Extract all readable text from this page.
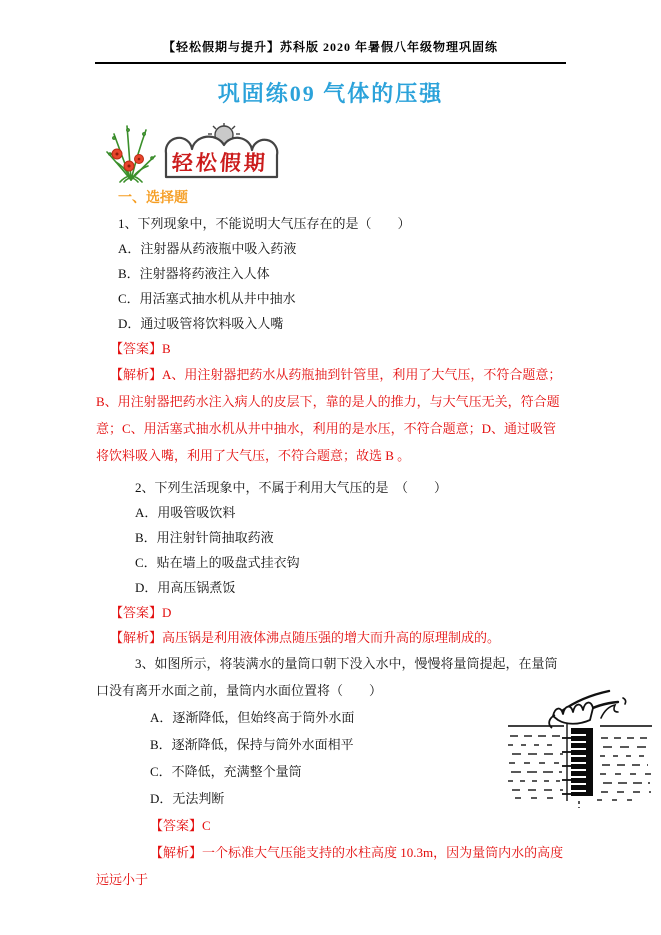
【轻松假期与提升】苏科版 2020 年暑假八年级物理巩固练
巩固练09 气体的压强
轻松假期

一、选择题

1、下列现象中，不能说明大气压存在的是（　　）

A．注射器从药液瓶中吸入药液

B．注射器将药液注入人体

C．用活塞式抽水机从井中抽水

D．通过吸管将饮料吸入人嘴

【答案】B

【解析】A、用注射器把药水从药瓶抽到针管里，利用了大气压，不符合题意；B、用注射器把药水注入病人的皮层下，靠的是人的推力，与大气压无关，符合题意；C、用活塞式抽水机从井中抽水，利用的是水压，不符合题意；D、通过吸管将饮料吸入嘴，利用了大气压，不符合题意；故选 B 。

2、下列生活现象中，不属于利用大气压的是　（　　）

A．用吸管吸饮料

B．用注射针筒抽取药液

C．贴在墙上的吸盘式挂衣钩

D．用高压锅煮饭

【答案】D

【解析】高压锅是利用液体沸点随压强的增大而升高的原理制成的。

3、如图所示，将装满水的量筒口朝下没入水中，慢慢将量筒提起，在量筒口没有离开水面之前，量筒内水面位置将（　　）

A．逐渐降低，但始终高于筒外水面

B．逐渐降低，保持与筒外水面相平

C．不降低，充满整个量筒

D．无法判断

【答案】C

【解析】一个标准大气压能支持的水柱高度 10.3m，因为量筒内水的高度远远小于
